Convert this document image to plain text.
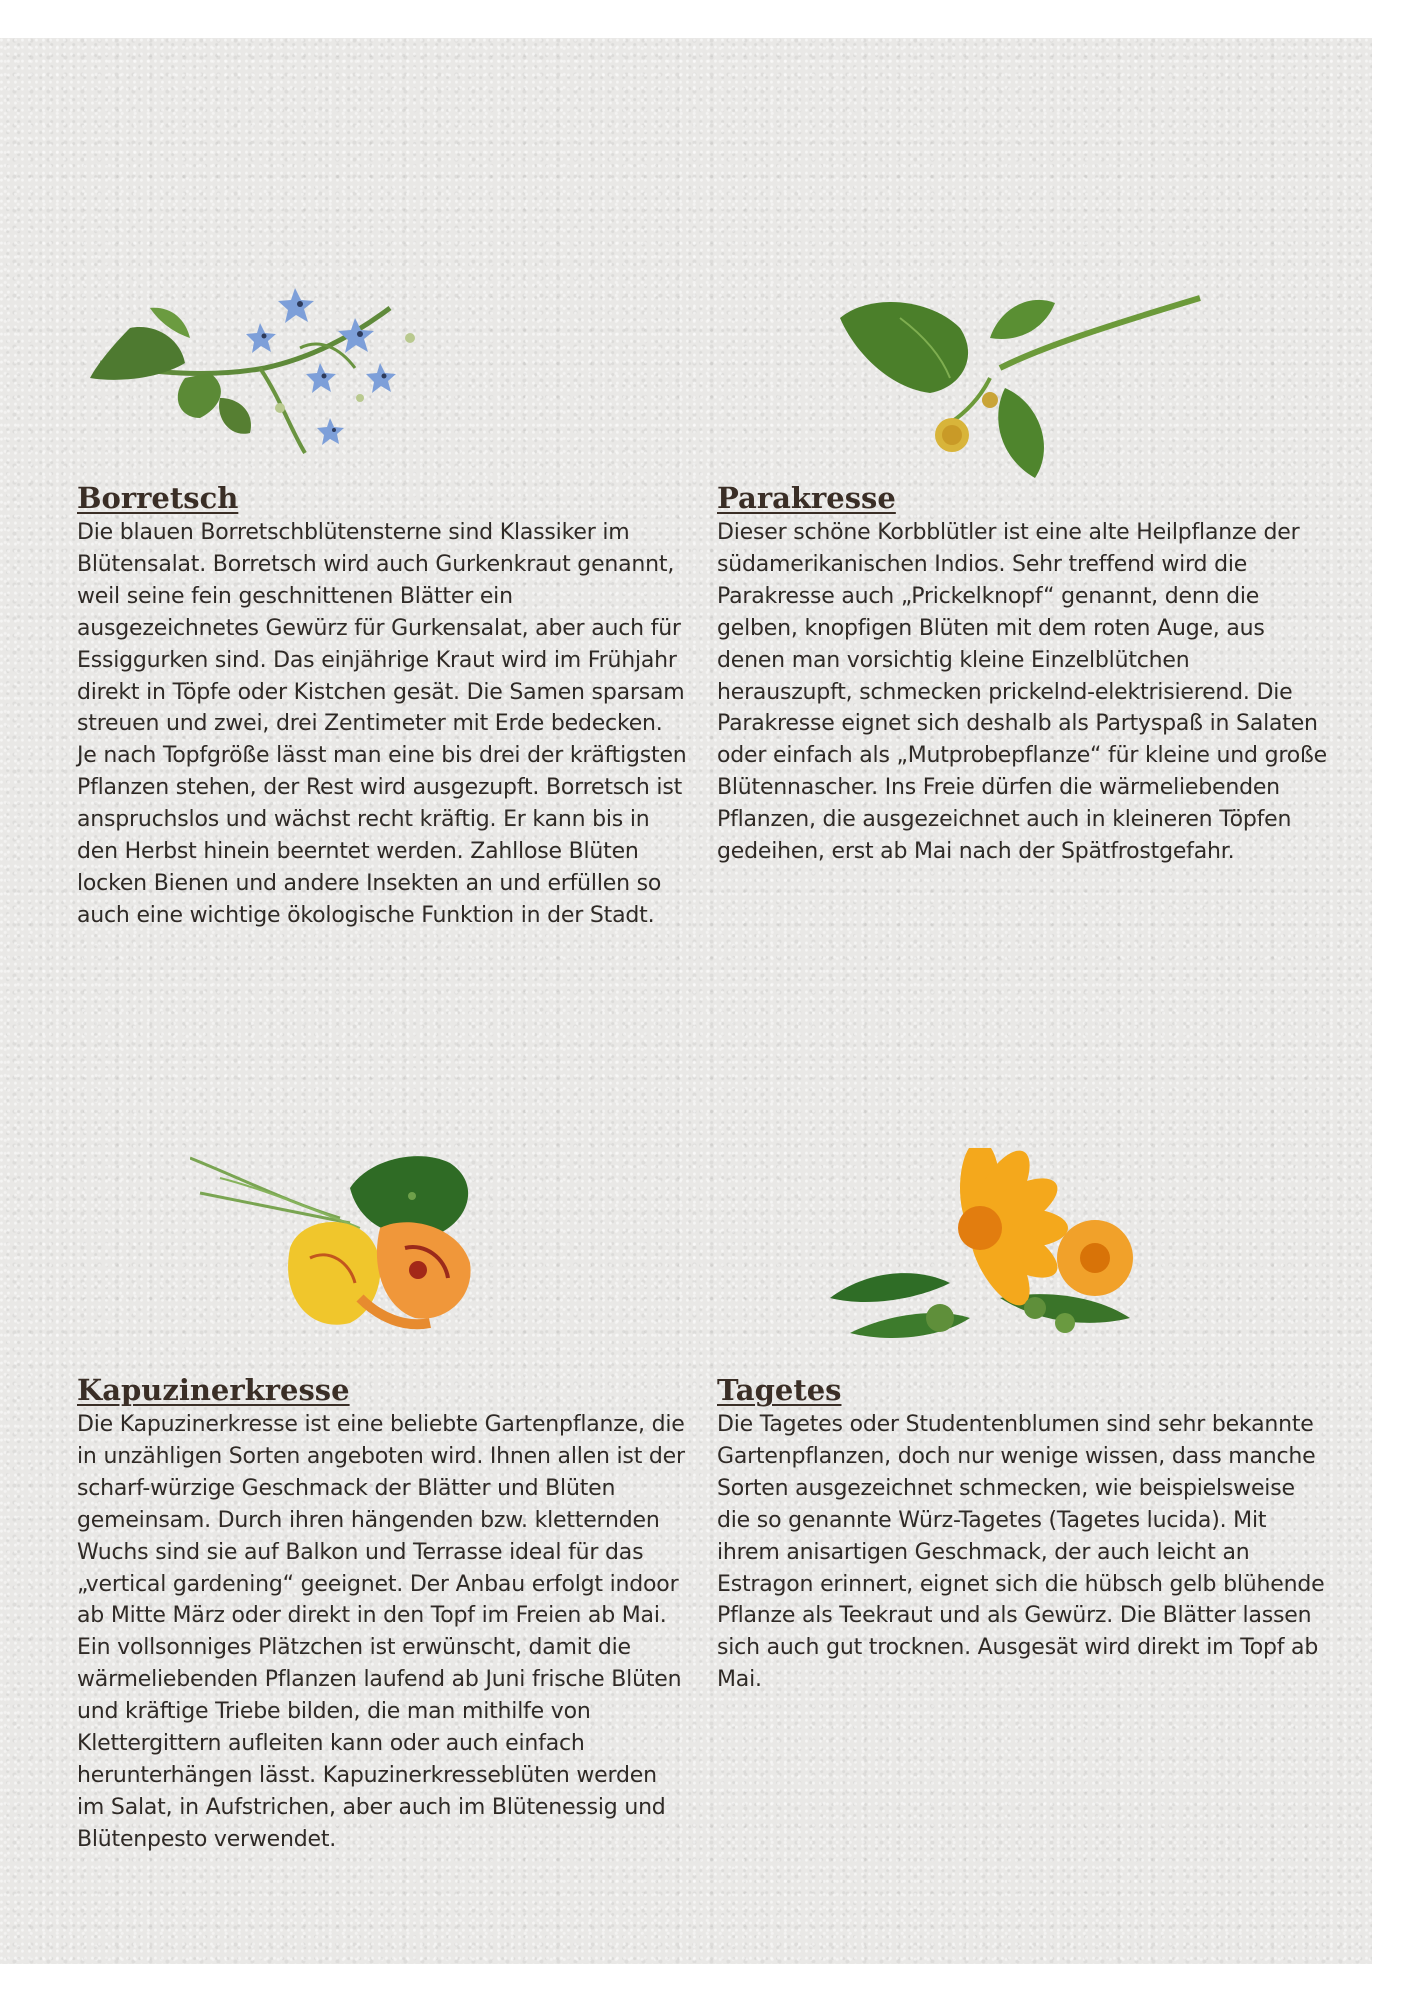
Borretsch

Die blauen Borretschblütensterne sind Klassiker im Blütensalat. Borretsch wird auch Gurkenkraut genannt, weil seine fein geschnittenen Blätter ein ausgezeichnetes Gewürz für Gurkensalat, aber auch für Essiggurken sind. Das einjährige Kraut wird im Frühjahr direkt in Töpfe oder Kistchen gesät. Die Samen sparsam streuen und zwei, drei Zentimeter mit Erde bedecken. Je nach Topfgröße lässt man eine bis drei der kräftigsten Pflanzen stehen, der Rest wird ausgezupft. Borretsch ist anspruchslos und wächst recht kräftig. Er kann bis in den Herbst hinein beerntet werden. Zahllose Blüten locken Bienen und andere Insekten an und erfüllen so auch eine wichtige ökologische Funktion in der Stadt.

Parakresse

Dieser schöne Korbblütler ist eine alte Heilpflanze der südamerikanischen Indios. Sehr treffend wird die Parakresse auch „Prickelknopf“ genannt, denn die gelben, knopfigen Blüten mit dem roten Auge, aus denen man vorsichtig kleine Einzelblütchen herauszupft, schmecken prickelnd-elektrisierend. Die Parakresse eignet sich deshalb als Partyspaß in Salaten oder einfach als „Mutprobepflanze“ für kleine und große Blütennascher. Ins Freie dürfen die wärmeliebenden Pflanzen, die ausgezeichnet auch in kleineren Töpfen gedeihen, erst ab Mai nach der Spätfrostgefahr.

Kapuzinerkresse

Die Kapuzinerkresse ist eine beliebte Gartenpflanze, die in unzähligen Sorten angeboten wird. Ihnen allen ist der scharf-würzige Geschmack der Blätter und Blüten gemeinsam. Durch ihren hängenden bzw. kletternden Wuchs sind sie auf Balkon und Terrasse ideal für das „vertical gardening“ geeignet. Der Anbau erfolgt indoor ab Mitte März oder direkt in den Topf im Freien ab Mai. Ein vollsonniges Plätzchen ist erwünscht, damit die wärmeliebenden Pflanzen laufend ab Juni frische Blüten und kräftige Triebe bilden, die man mithilfe von Klettergittern aufleiten kann oder auch einfach herunterhängen lässt. Kapuzinerkresseblüten werden im Salat, in Aufstrichen, aber auch im Blütenessig und Blütenpesto verwendet.

Tagetes

Die Tagetes oder Studentenblumen sind sehr bekannte Gartenpflanzen, doch nur wenige wissen, dass manche Sorten ausgezeichnet schmecken, wie beispielsweise die so genannte Würz-Tagetes (Tagetes lucida). Mit ihrem anisartigen Geschmack, der auch leicht an Estragon erinnert, eignet sich die hübsch gelb blühende Pflanze als Teekraut und als Gewürz. Die Blätter lassen sich auch gut trocknen. Ausgesät wird direkt im Topf ab Mai.
